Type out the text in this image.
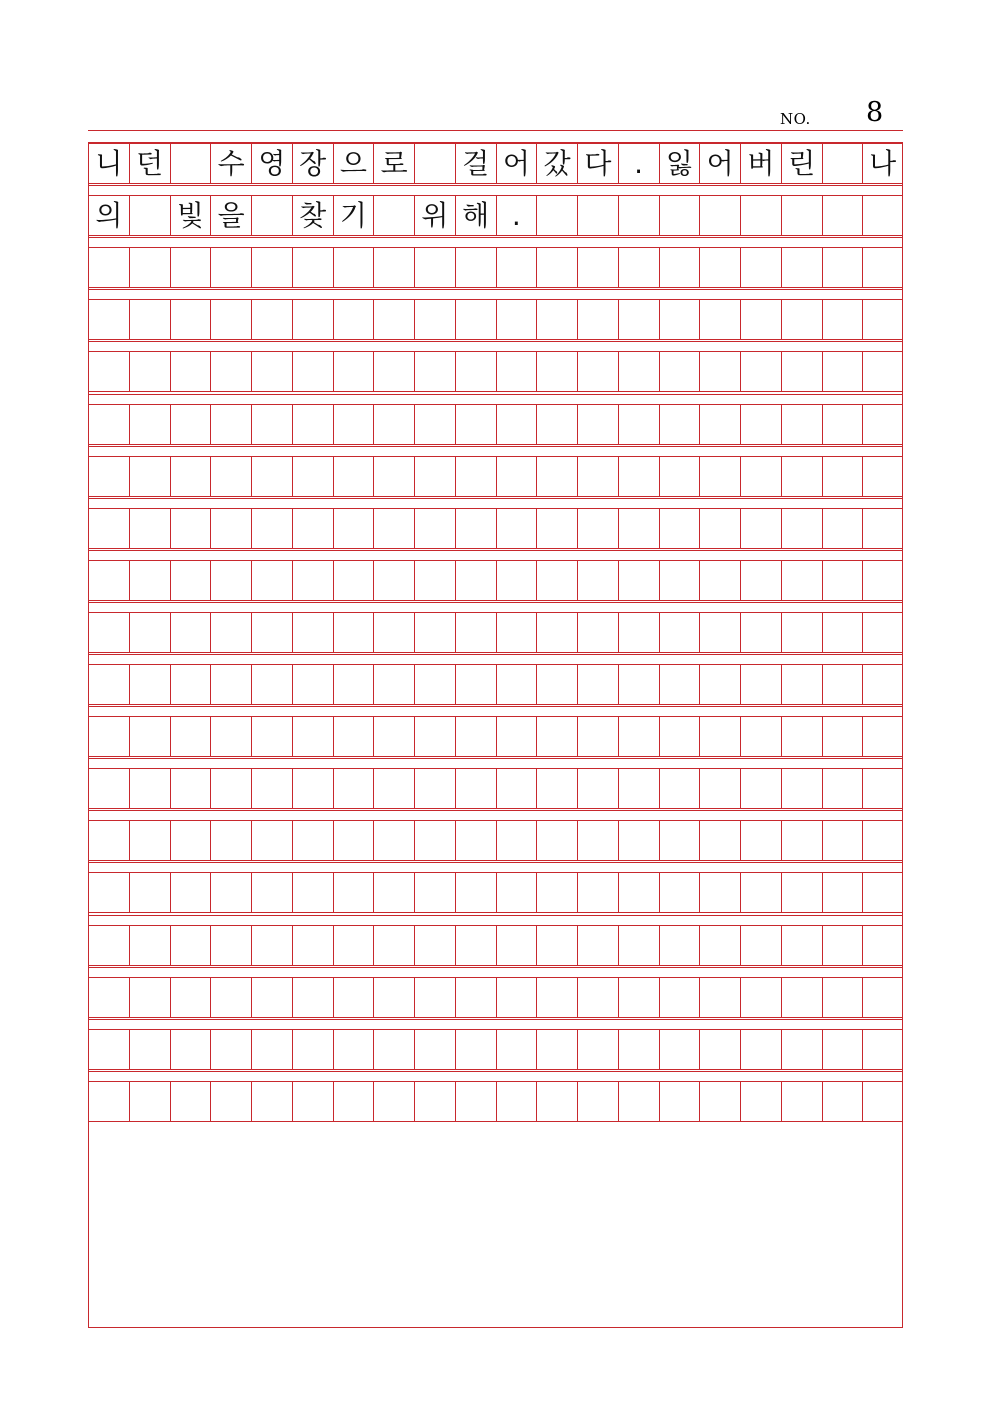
NO. 8
니 던 수 영 장 으 로 걸 어 갔 다 . 잃 어 버 린 나
의 빛 을 찾 기 위 해 .
